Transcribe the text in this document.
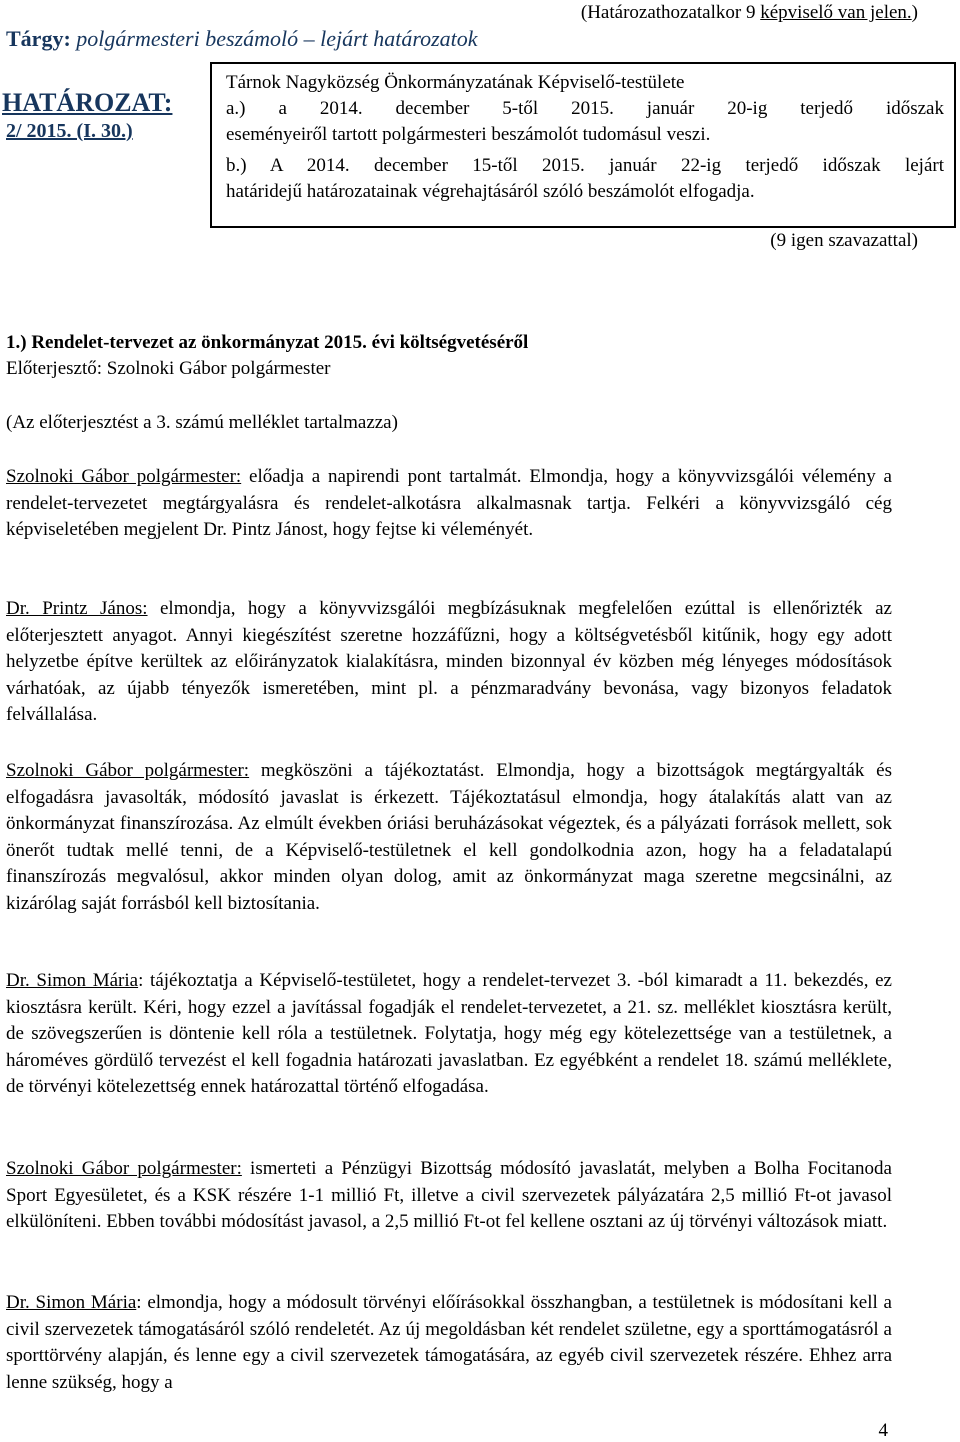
(Határozathozatalkor 9 képviselő van jelen.)
Tárgy: polgármesteri beszámoló – lejárt határozatok
HATÁROZAT:
2/ 2015. (I. 30.)
Tárnok Nagyközség Önkormányzatának Képviselő-testülete
a.) a 2014. december 5-től 2015. január 20-ig terjedő időszak
eseményeiről tartott polgármesteri beszámolót tudomásul veszi.
b.) A 2014. december 15-től 2015. január 22-ig terjedő időszak lejárt
határidejű határozatainak végrehajtásáról szóló beszámolót elfogadja.
(9 igen szavazattal)

1.) Rendelet-tervezet az önkormányzat 2015. évi költségvetéséről

Előterjesztő: Szolnoki Gábor polgármester

(Az előterjesztést a 3. számú melléklet tartalmazza)

Szolnoki Gábor polgármester: előadja a napirendi pont tartalmát. Elmondja, hogy a könyvvizsgálói vélemény a rendelet-tervezetet megtárgyalásra és rendelet-alkotásra alkalmasnak tartja. Felkéri a könyvvizsgáló cég képviseletében megjelent Dr. Pintz Jánost, hogy fejtse ki véleményét.

Dr. Printz János: elmondja, hogy a könyvvizsgálói megbízásuknak megfelelően ezúttal is ellenőrizték az előterjesztett anyagot. Annyi kiegészítést szeretne hozzáfűzni, hogy a költségvetésből kitűnik, hogy egy adott helyzetbe építve kerültek az előirányzatok kialakításra, minden bizonnyal év közben még lényeges módosítások várhatóak, az újabb tényezők ismeretében, mint pl. a pénzmaradvány bevonása, vagy bizonyos feladatok felvállalása.

Szolnoki Gábor polgármester: megköszöni a tájékoztatást. Elmondja, hogy a bizottságok megtárgyalták és elfogadásra javasolták, módosító javaslat is érkezett. Tájékoztatásul elmondja, hogy átalakítás alatt van az önkormányzat finanszírozása. Az elmúlt években óriási beruházásokat végeztek, és a pályázati források mellett, sok önerőt tudtak mellé tenni, de a Képviselő-testületnek el kell gondolkodnia azon, hogy ha a feladatalapú finanszírozás megvalósul, akkor minden olyan dolog, amit az önkormányzat maga szeretne megcsinálni, az kizárólag saját forrásból kell biztosítania.

Dr. Simon Mária: tájékoztatja a Képviselő-testületet, hogy a rendelet-tervezet 3. -ból kimaradt a 11. bekezdés, ez kiosztásra került. Kéri, hogy ezzel a javítással fogadják el rendelet-tervezetet, a 21. sz. melléklet kiosztásra került, de szövegszerűen is döntenie kell róla a testületnek. Folytatja, hogy még egy kötelezettsége van a testületnek, a hároméves gördülő tervezést el kell fogadnia határozati javaslatban. Ez egyébként a rendelet 18. számú melléklete, de törvényi kötelezettség ennek határozattal történő elfogadása.

Szolnoki Gábor polgármester: ismerteti a Pénzügyi Bizottság módosító javaslatát, melyben a Bolha Focitanoda Sport Egyesületet, és a KSK részére 1-1 millió Ft, illetve a civil szervezetek pályázatára 2,5 millió Ft-ot javasol elkülöníteni. Ebben további módosítást javasol, a 2,5 millió Ft-ot fel kellene osztani az új törvényi változások miatt.

Dr. Simon Mária: elmondja, hogy a módosult törvényi előírásokkal összhangban, a testületnek is módosítani kell a civil szervezetek támogatásáról szóló rendeletét. Az új megoldásban két rendelet születne, egy a sporttámogatásról a sporttörvény alapján, és lenne egy a civil szervezetek támogatására, az egyéb civil szervezetek részére. Ehhez arra lenne szükség, hogy a

4
